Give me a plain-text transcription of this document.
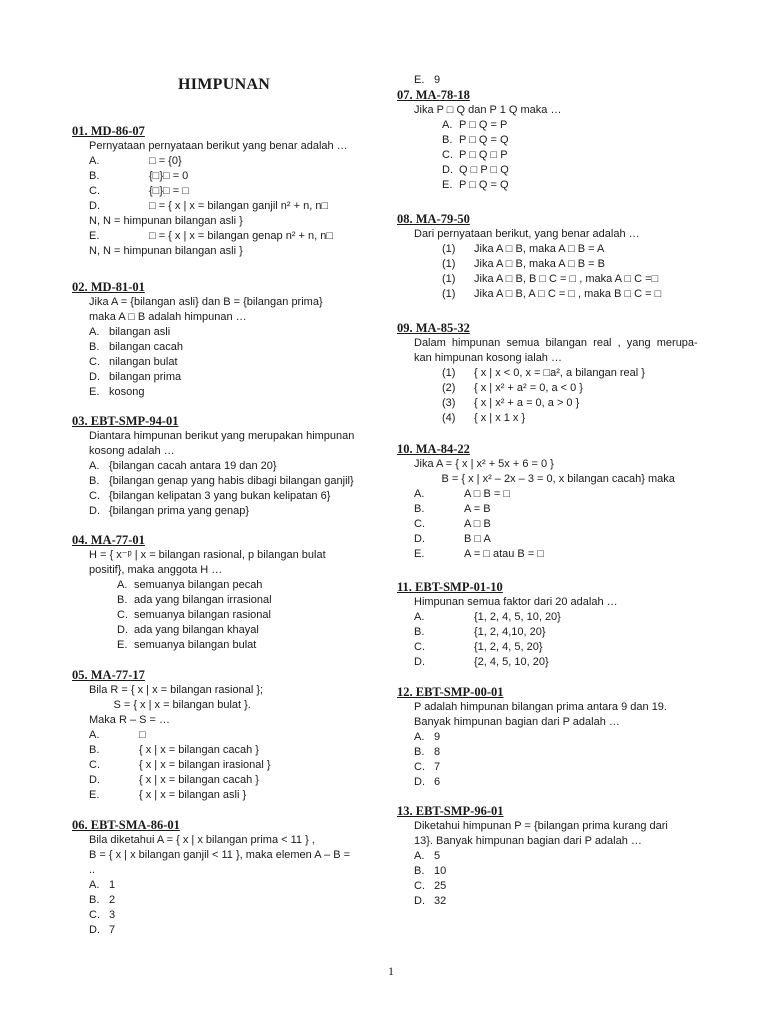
HIMPUNAN
01. MD-86-07
Pernyataan pernyataan berikut yang benar adalah …
A.	□ = {0}
B.	{□}□ = 0
C.	{□}□ = □
D.	□ = { x | x = bilangan ganjil n² + n, n□
N, N = himpunan bilangan asli }
E.	□ = { x | x = bilangan genap n² + n, n□
N, N = himpunan bilangan asli }
02. MD-81-01
Jika A = {bilangan asli} dan B = {bilangan prima}
maka A □ B adalah himpunan …
A. bilangan asli
B. bilangan cacah
C. nilangan bulat
D. bilangan prima
E. kosong
03. EBT-SMP-94-01
Diantara himpunan berikut yang merupakan himpunan
kosong adalah …
A. {bilangan cacah antara 19 dan 20}
B. {bilangan genap yang habis dibagi bilangan ganjil}
C. {bilangan kelipatan 3 yang bukan kelipatan 6}
D. {bilangan prima yang genap}
04. MA-77-01
H = { x⁻ᵖ | x = bilangan rasional, p bilangan bulat
positif}, maka anggota H …
A. semuanya bilangan pecah
B. ada yang bilangan irrasional
C. semuanya bilangan rasional
D. ada yang bilangan khayal
E. semuanya bilangan bulat
05. MA-77-17
Bila R = { x | x = bilangan rasional };
S = { x | x = bilangan bulat }.
Maka R – S = …
A.	□
B.	{ x | x = bilangan cacah }
C.	{ x | x = bilangan irasional }
D.	{ x | x = bilangan cacah }
E.	{ x | x = bilangan asli }
06. EBT-SMA-86-01
Bila diketahui A = { x | x bilangan prima < 11 } ,
B = { x | x bilangan ganjil < 11 }, maka elemen A – B =
..
A. 1
B. 2
C. 3
D. 7
E. 9
07. MA-78-18
Jika P □ Q dan P 1 Q maka …
A. P □ Q = P
B. P □ Q = Q
C. P □ Q □ P
D. Q □ P □ Q
E. P □ Q = Q
08. MA-79-50
Dari pernyataan berikut, yang benar adalah …
(1) Jika A □ B, maka A □ B = A
(1) Jika A □ B, maka A □ B = B
(1) Jika A □ B, B □ C = □ , maka A □ C =□
(1) Jika A □ B, A □ C = □ , maka B □ C = □
09. MA-85-32
Dalam  himpunan  semua  bilangan  real  ,  yang  merupa-
kan himpunan kosong ialah …
(1) { x | x < 0, x = □a², a bilangan real }
(2) { x | x² + a² = 0, a < 0 }
(3) { x | x² + a = 0, a > 0 }
(4) { x | x 1 x }
10. MA-84-22
Jika A = { x | x² + 5x + 6 = 0 }
B = { x | x² – 2x – 3 = 0, x bilangan cacah} maka
A.	A □ B = □
B.	A = B
C.	A □ B
D.	B □ A
E.	A = □ atau B = □
11. EBT-SMP-01-10
Himpunan semua faktor dari 20 adalah …
A.	{1, 2, 4, 5, 10, 20}
B.	{1, 2, 4,10, 20}
C.	{1, 2, 4, 5, 20}
D.	{2, 4, 5, 10, 20}
12. EBT-SMP-00-01
P adalah himpunan bilangan prima antara 9 dan 19.
Banyak himpunan bagian dari P adalah …
A. 9
B. 8
C. 7
D. 6
13. EBT-SMP-96-01
Diketahui himpunan P = {bilangan prima kurang dari
13}. Banyak himpunan bagian dari P adalah …
A. 5
B. 10
C. 25
D. 32
1
